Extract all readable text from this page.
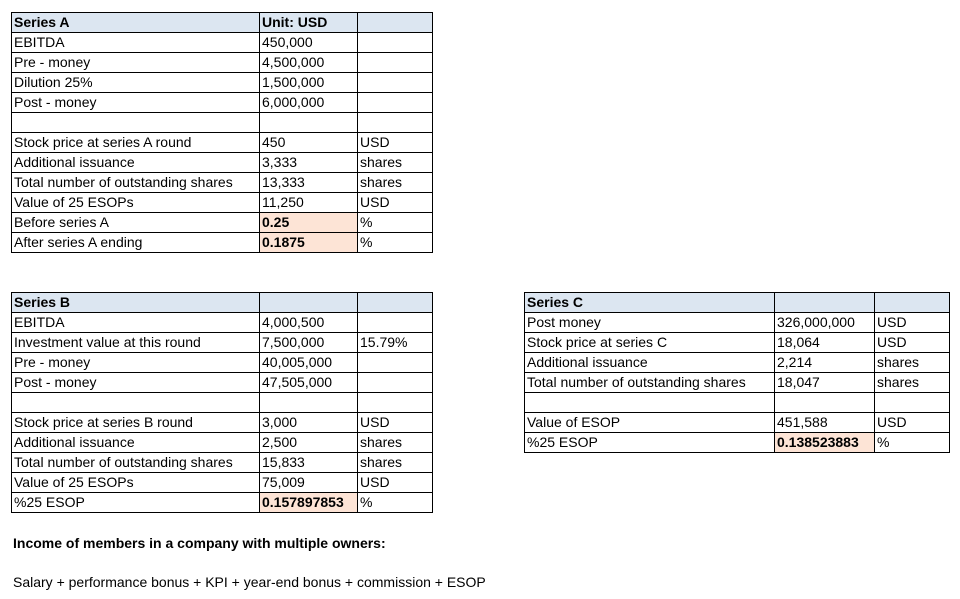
Series A	Unit: USD	
EBITDA	450,000	
Pre - money	4,500,000	
Dilution 25%	1,500,000	
Post - money	6,000,000	

Stock price at series A round	450	USD
Additional issuance	3,333	shares
Total number of outstanding shares	13,333	shares
Value of 25 ESOPs	11,250	USD
Before series A	0.25	%
After series A ending	0.1875	%
Series B		
EBITDA	4,000,500	
Investment value at this round	7,500,000	15.79%
Pre - money	40,005,000	
Post - money	47,505,000	

Stock price at series B round	3,000	USD
Additional issuance	2,500	shares
Total number of outstanding shares	15,833	shares
Value of 25 ESOPs	75,009	USD
%25 ESOP	0.157897853	%
Series C		
Post money	326,000,000	USD
Stock price at series C	18,064	USD
Additional issuance	2,214	shares
Total number of outstanding shares	18,047	shares

Value of ESOP	451,588	USD
%25 ESOP	0.138523883	%
Income of members in a company with multiple owners:
Salary + performance bonus + KPI + year-end bonus + commission + ESOP
